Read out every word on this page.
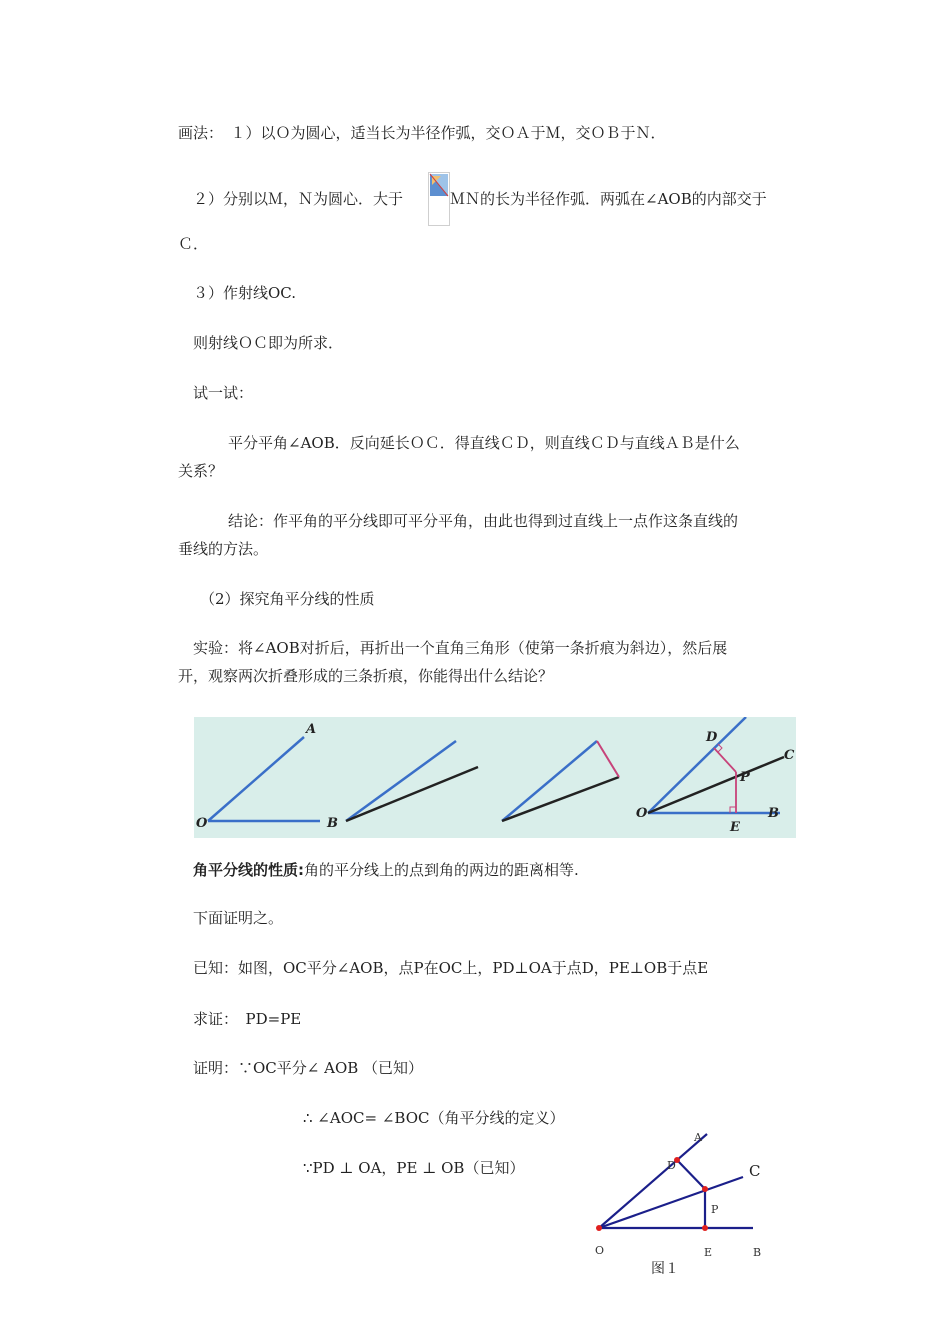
画法：　１）以Ｏ为圆心，适当长为半径作弧，交ＯＡ于Ｍ，交ＯＢ于Ｎ．
２）分别以Ｍ，Ｎ为圆心．大于	ＭＮ的长为半径作弧．两弧在∠AOB的内部交于
Ｃ．
３）作射线OC.
则射线ＯＣ即为所求．
试一试：
平分平角∠AOB．反向延长ＯＣ．得直线ＣＤ，则直线ＣＤ与直线ＡＢ是什么
关系？
结论：作平角的平分线即可平分平角，由此也得到过直线上一点作这条直线的
垂线的方法。
（2）探究角平分线的性质
实验：将∠AOB对折后，再折出一个直角三角形（使第一条折痕为斜边），然后展
开，观察两次折叠形成的三条折痕，你能得出什么结论？
A
O	B
D
C
P
O
E
B
角平分线的性质:角的平分线上的点到角的两边的距离相等.
下面证明之。
已知：如图，OC平分∠AOB，点P在OC上，PD⊥OA于点D，PE⊥OB于点E
求证：　PD=PE
证明：∵OC平分∠ AOB （已知）
∴ ∠AOC= ∠BOC（角平分线的定义）
∵PD ⊥ OA，PE ⊥ OB（已知）
A
D	C
P
O	E	B
图１
